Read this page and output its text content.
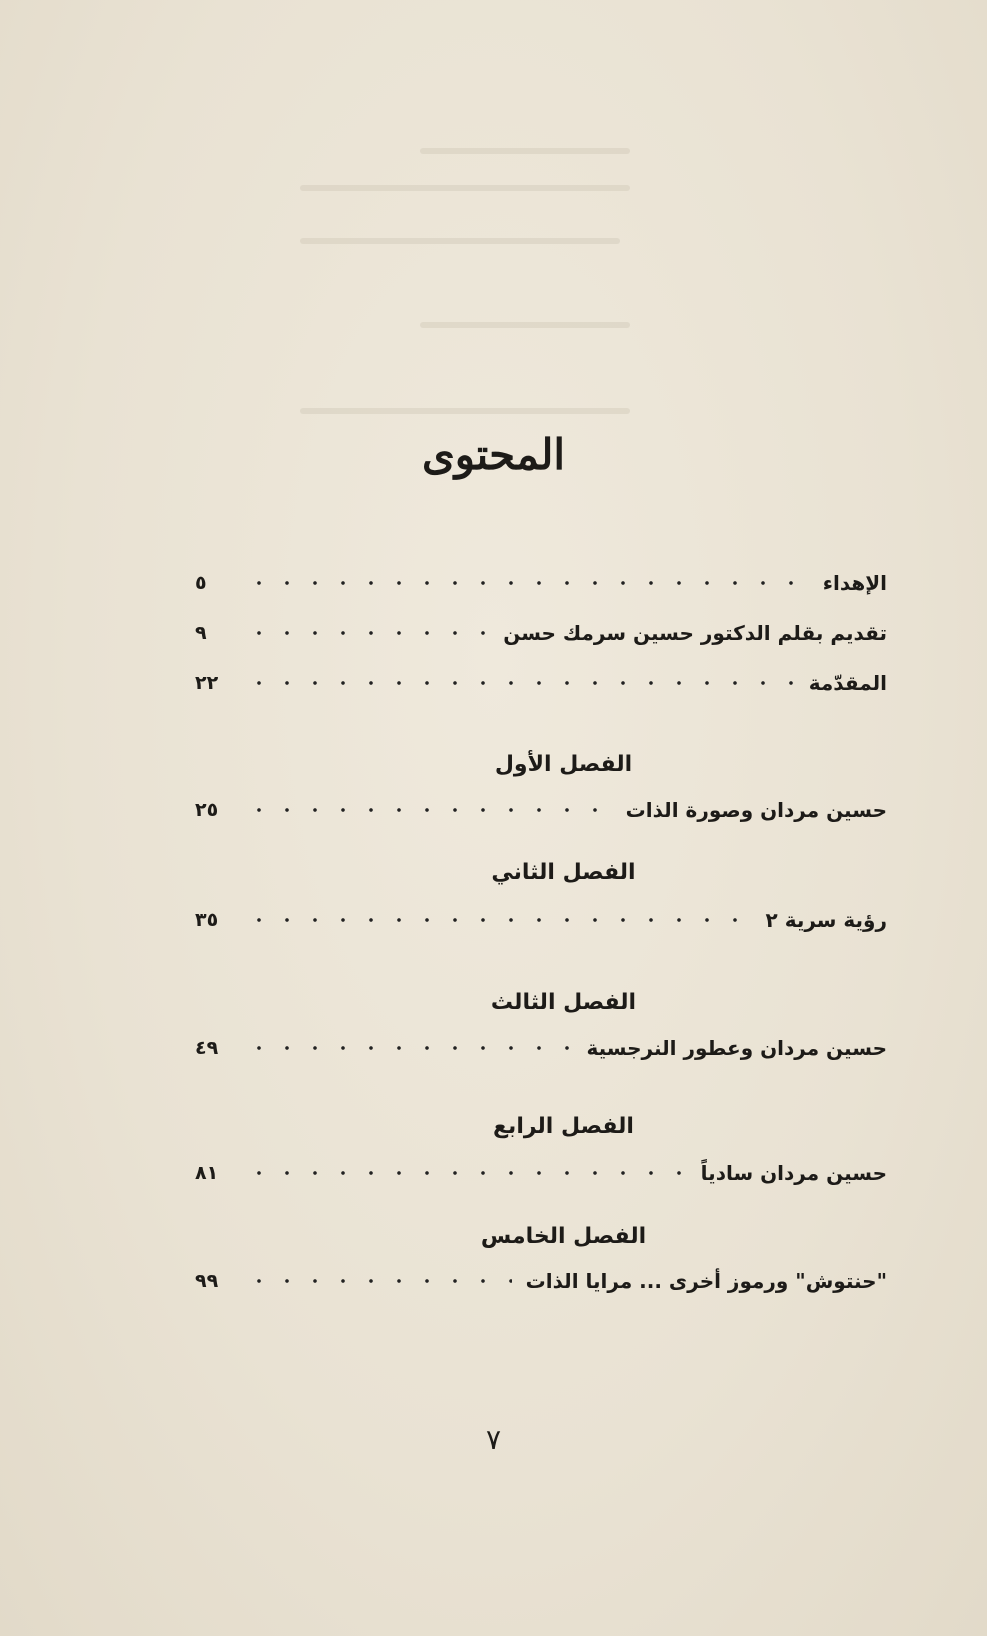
المحتوى
الإهداء
٥
تقديم بقلم الدكتور حسين سرمك حسن
٩
المقدّمة
٢٢
الفصل الأول
حسين مردان وصورة الذات
٢٥
الفصل الثاني
رؤية سرية ٢
٣٥
الفصل الثالث
حسين مردان وعطور النرجسية
٤٩
الفصل الرابع
حسين مردان سادياً
٨١
الفصل الخامس
"حنتوش" ورموز أخرى ... مرايا الذات
٩٩
٧
